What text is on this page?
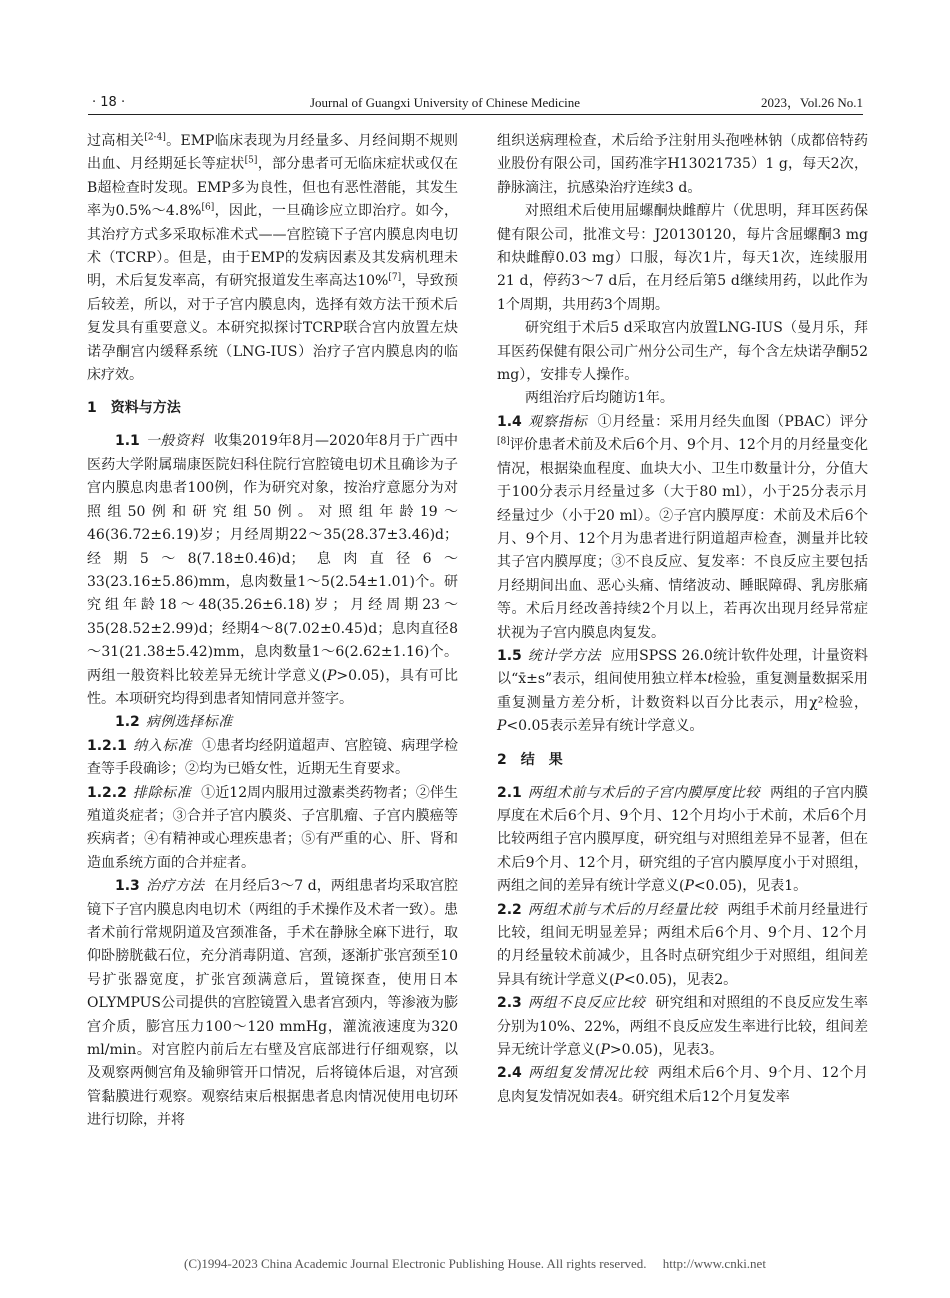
· 18 ·	Journal of Guangxi University of Chinese Medicine	2023，Vol.26 No.1

过高相关[2-4]。EMP临床表现为月经量多、月经间期不规则出血、月经期延长等症状[5]，部分患者可无临床症状或仅在B超检查时发现。EMP多为良性，但也有恶性潜能，其发生率为0.5%～4.8%[6]，因此，一旦确诊应立即治疗。如今，其治疗方式多采取标准术式——宫腔镜下子宫内膜息肉电切术（TCRP）。但是，由于EMP的发病因素及其发病机理未明，术后复发率高，有研究报道发生率高达10%[7]，导致预后较差，所以，对于子宫内膜息肉，选择有效方法干预术后复发具有重要意义。本研究拟探讨TCRP联合宫内放置左炔诺孕酮宫内缓释系统（LNG-IUS）治疗子宫内膜息肉的临床疗效。

1　资料与方法

1.1 一般资料 收集2019年8月—2020年8月于广西中医药大学附属瑞康医院妇科住院行宫腔镜电切术且确诊为子宫内膜息肉患者100例，作为研究对象，按治疗意愿分为对照组50例和研究组50例。对照组年龄19～46(36.72±6.19)岁；月经周期22～35(28.37±3.46)d；经期5～8(7.18±0.46)d；息肉直径6～33(23.16±5.86)mm，息肉数量1～5(2.54±1.01)个。研究组年龄18～48(35.26±6.18)岁；月经周期23～35(28.52±2.99)d；经期4～8(7.02±0.45)d；息肉直径8～31(21.38±5.42)mm，息肉数量1～6(2.62±1.16)个。两组一般资料比较差异无统计学意义(P>0.05)，具有可比性。本项研究均得到患者知情同意并签字。

1.2 病例选择标准

1.2.1 纳入标准 ①患者均经阴道超声、宫腔镜、病理学检查等手段确诊；②均为已婚女性，近期无生育要求。

1.2.2 排除标准 ①近12周内服用过激素类药物者；②伴生殖道炎症者；③合并子宫内膜炎、子宫肌瘤、子宫内膜癌等疾病者；④有精神或心理疾患者；⑤有严重的心、肝、肾和造血系统方面的合并症者。

1.3 治疗方法 在月经后3～7 d，两组患者均采取宫腔镜下子宫内膜息肉电切术（两组的手术操作及术者一致）。患者术前行常规阴道及宫颈准备，手术在静脉全麻下进行，取仰卧膀胱截石位，充分消毒阴道、宫颈，逐渐扩张宫颈至10号扩张器宽度，扩张宫颈满意后，置镜探查，使用日本OLYMPUS公司提供的宫腔镜置入患者宫颈内，等渗液为膨宫介质，膨宫压力100～120 mmHg，灌流液速度为320 ml/min。对宫腔内前后左右壁及宫底部进行仔细观察，以及观察两侧宫角及输卵管开口情况，后将镜体后退，对宫颈管黏膜进行观察。观察结束后根据患者息肉情况使用电切环进行切除，并将

组织送病理检查，术后给予注射用头孢唑林钠（成都倍特药业股份有限公司，国药准字H13021735）1 g，每天2次，静脉滴注，抗感染治疗连续3 d。

对照组术后使用屈螺酮炔雌醇片（优思明，拜耳医药保健有限公司，批准文号：J20130120，每片含屈螺酮3 mg和炔雌醇0.03 mg）口服，每次1片，每天1次，连续服用21 d，停药3～7 d后，在月经后第5 d继续用药，以此作为1个周期，共用药3个周期。

研究组于术后5 d采取宫内放置LNG-IUS（曼月乐，拜耳医药保健有限公司广州分公司生产，每个含左炔诺孕酮52 mg），安排专人操作。

两组治疗后均随访1年。

1.4 观察指标 ①月经量：采用月经失血图（PBAC）评分[8]评价患者术前及术后6个月、9个月、12个月的月经量变化情况，根据染血程度、血块大小、卫生巾数量计分，分值大于100分表示月经量过多（大于80 ml），小于25分表示月经量过少（小于20 ml）。②子宫内膜厚度：术前及术后6个月、9个月、12个月为患者进行阴道超声检查，测量并比较其子宫内膜厚度；③不良反应、复发率：不良反应主要包括月经期间出血、恶心头痛、情绪波动、睡眠障碍、乳房胀痛等。术后月经改善持续2个月以上，若再次出现月经异常症状视为子宫内膜息肉复发。

1.5 统计学方法 应用SPSS 26.0统计软件处理，计量资料以“x̄±s”表示，组间使用独立样本t检验，重复测量数据采用重复测量方差分析，计数资料以百分比表示，用χ²检验，P<0.05表示差异有统计学意义。

2　结　果

2.1 两组术前与术后的子宫内膜厚度比较 两组的子宫内膜厚度在术后6个月、9个月、12个月均小于术前，术后6个月比较两组子宫内膜厚度，研究组与对照组差异不显著，但在术后9个月、12个月，研究组的子宫内膜厚度小于对照组，两组之间的差异有统计学意义(P<0.05)，见表1。

2.2 两组术前与术后的月经量比较 两组手术前月经量进行比较，组间无明显差异；两组术后6个月、9个月、12个月的月经量较术前减少，且各时点研究组少于对照组，组间差异具有统计学意义(P<0.05)，见表2。

2.3 两组不良反应比较 研究组和对照组的不良反应发生率分别为10%、22%，两组不良反应发生率进行比较，组间差异无统计学意义(P>0.05)，见表3。

2.4 两组复发情况比较 两组术后6个月、9个月、12个月息肉复发情况如表4。研究组术后12个月复发率

(C)1994-2023 China Academic Journal Electronic Publishing House. All rights reserved.　 http://www.cnki.net
